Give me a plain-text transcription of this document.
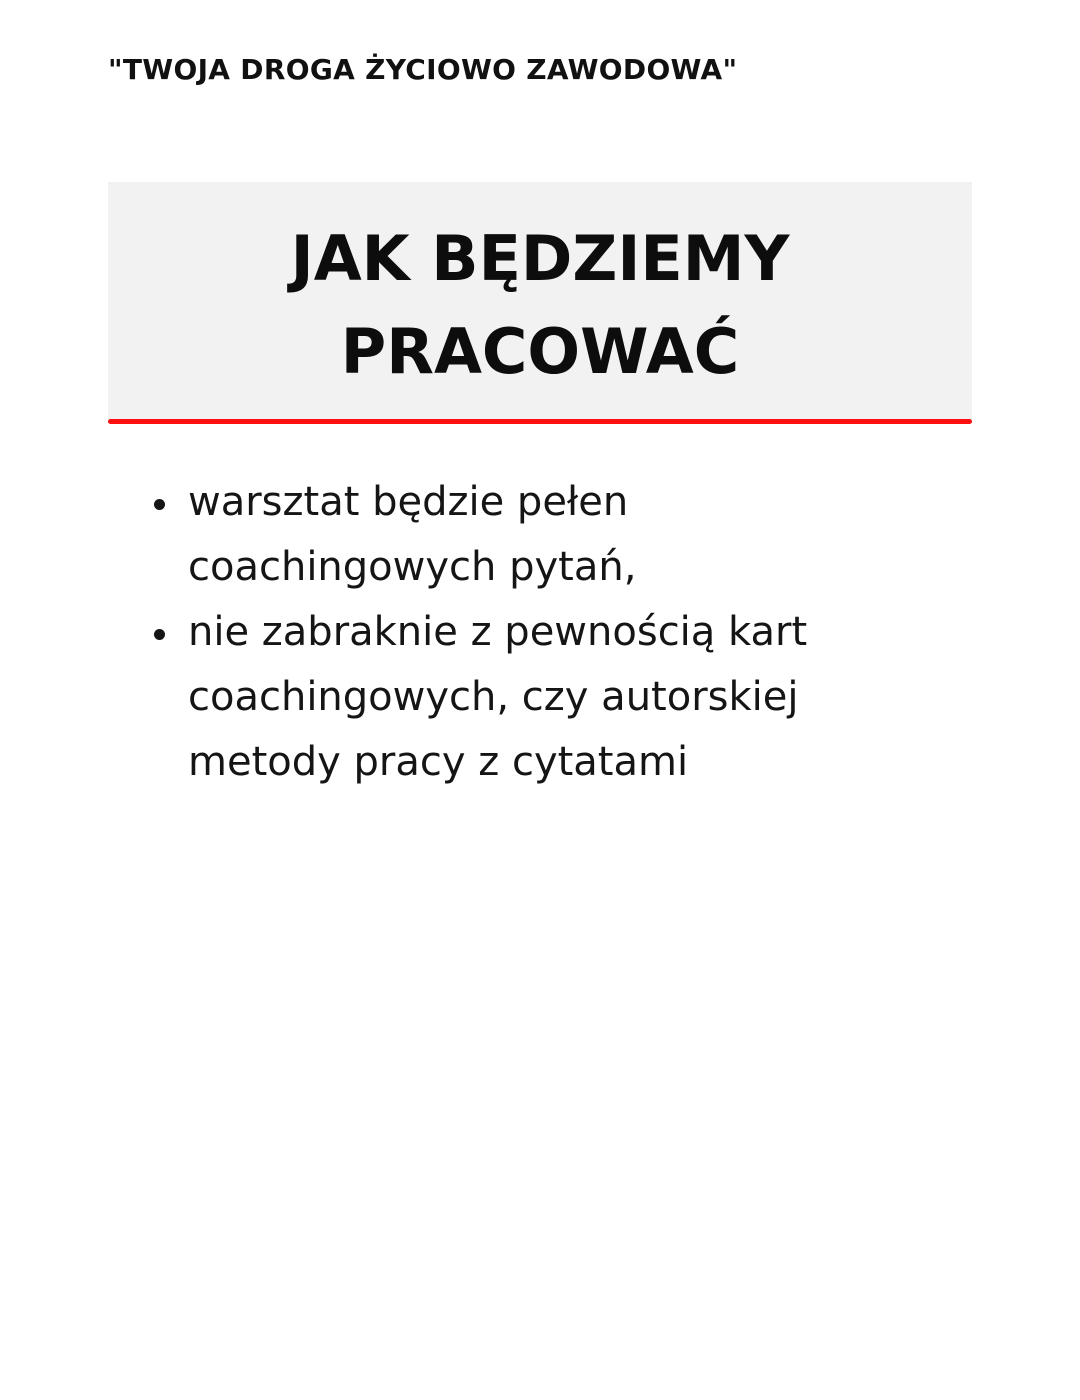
"TWOJA DROGA ŻYCIOWO ZAWODOWA"
JAK BĘDZIEMY
PRACOWAĆ
warsztat będzie pełen
coachingowych pytań,
nie zabraknie z pewnością kart
coachingowych, czy autorskiej
metody pracy z cytatami
